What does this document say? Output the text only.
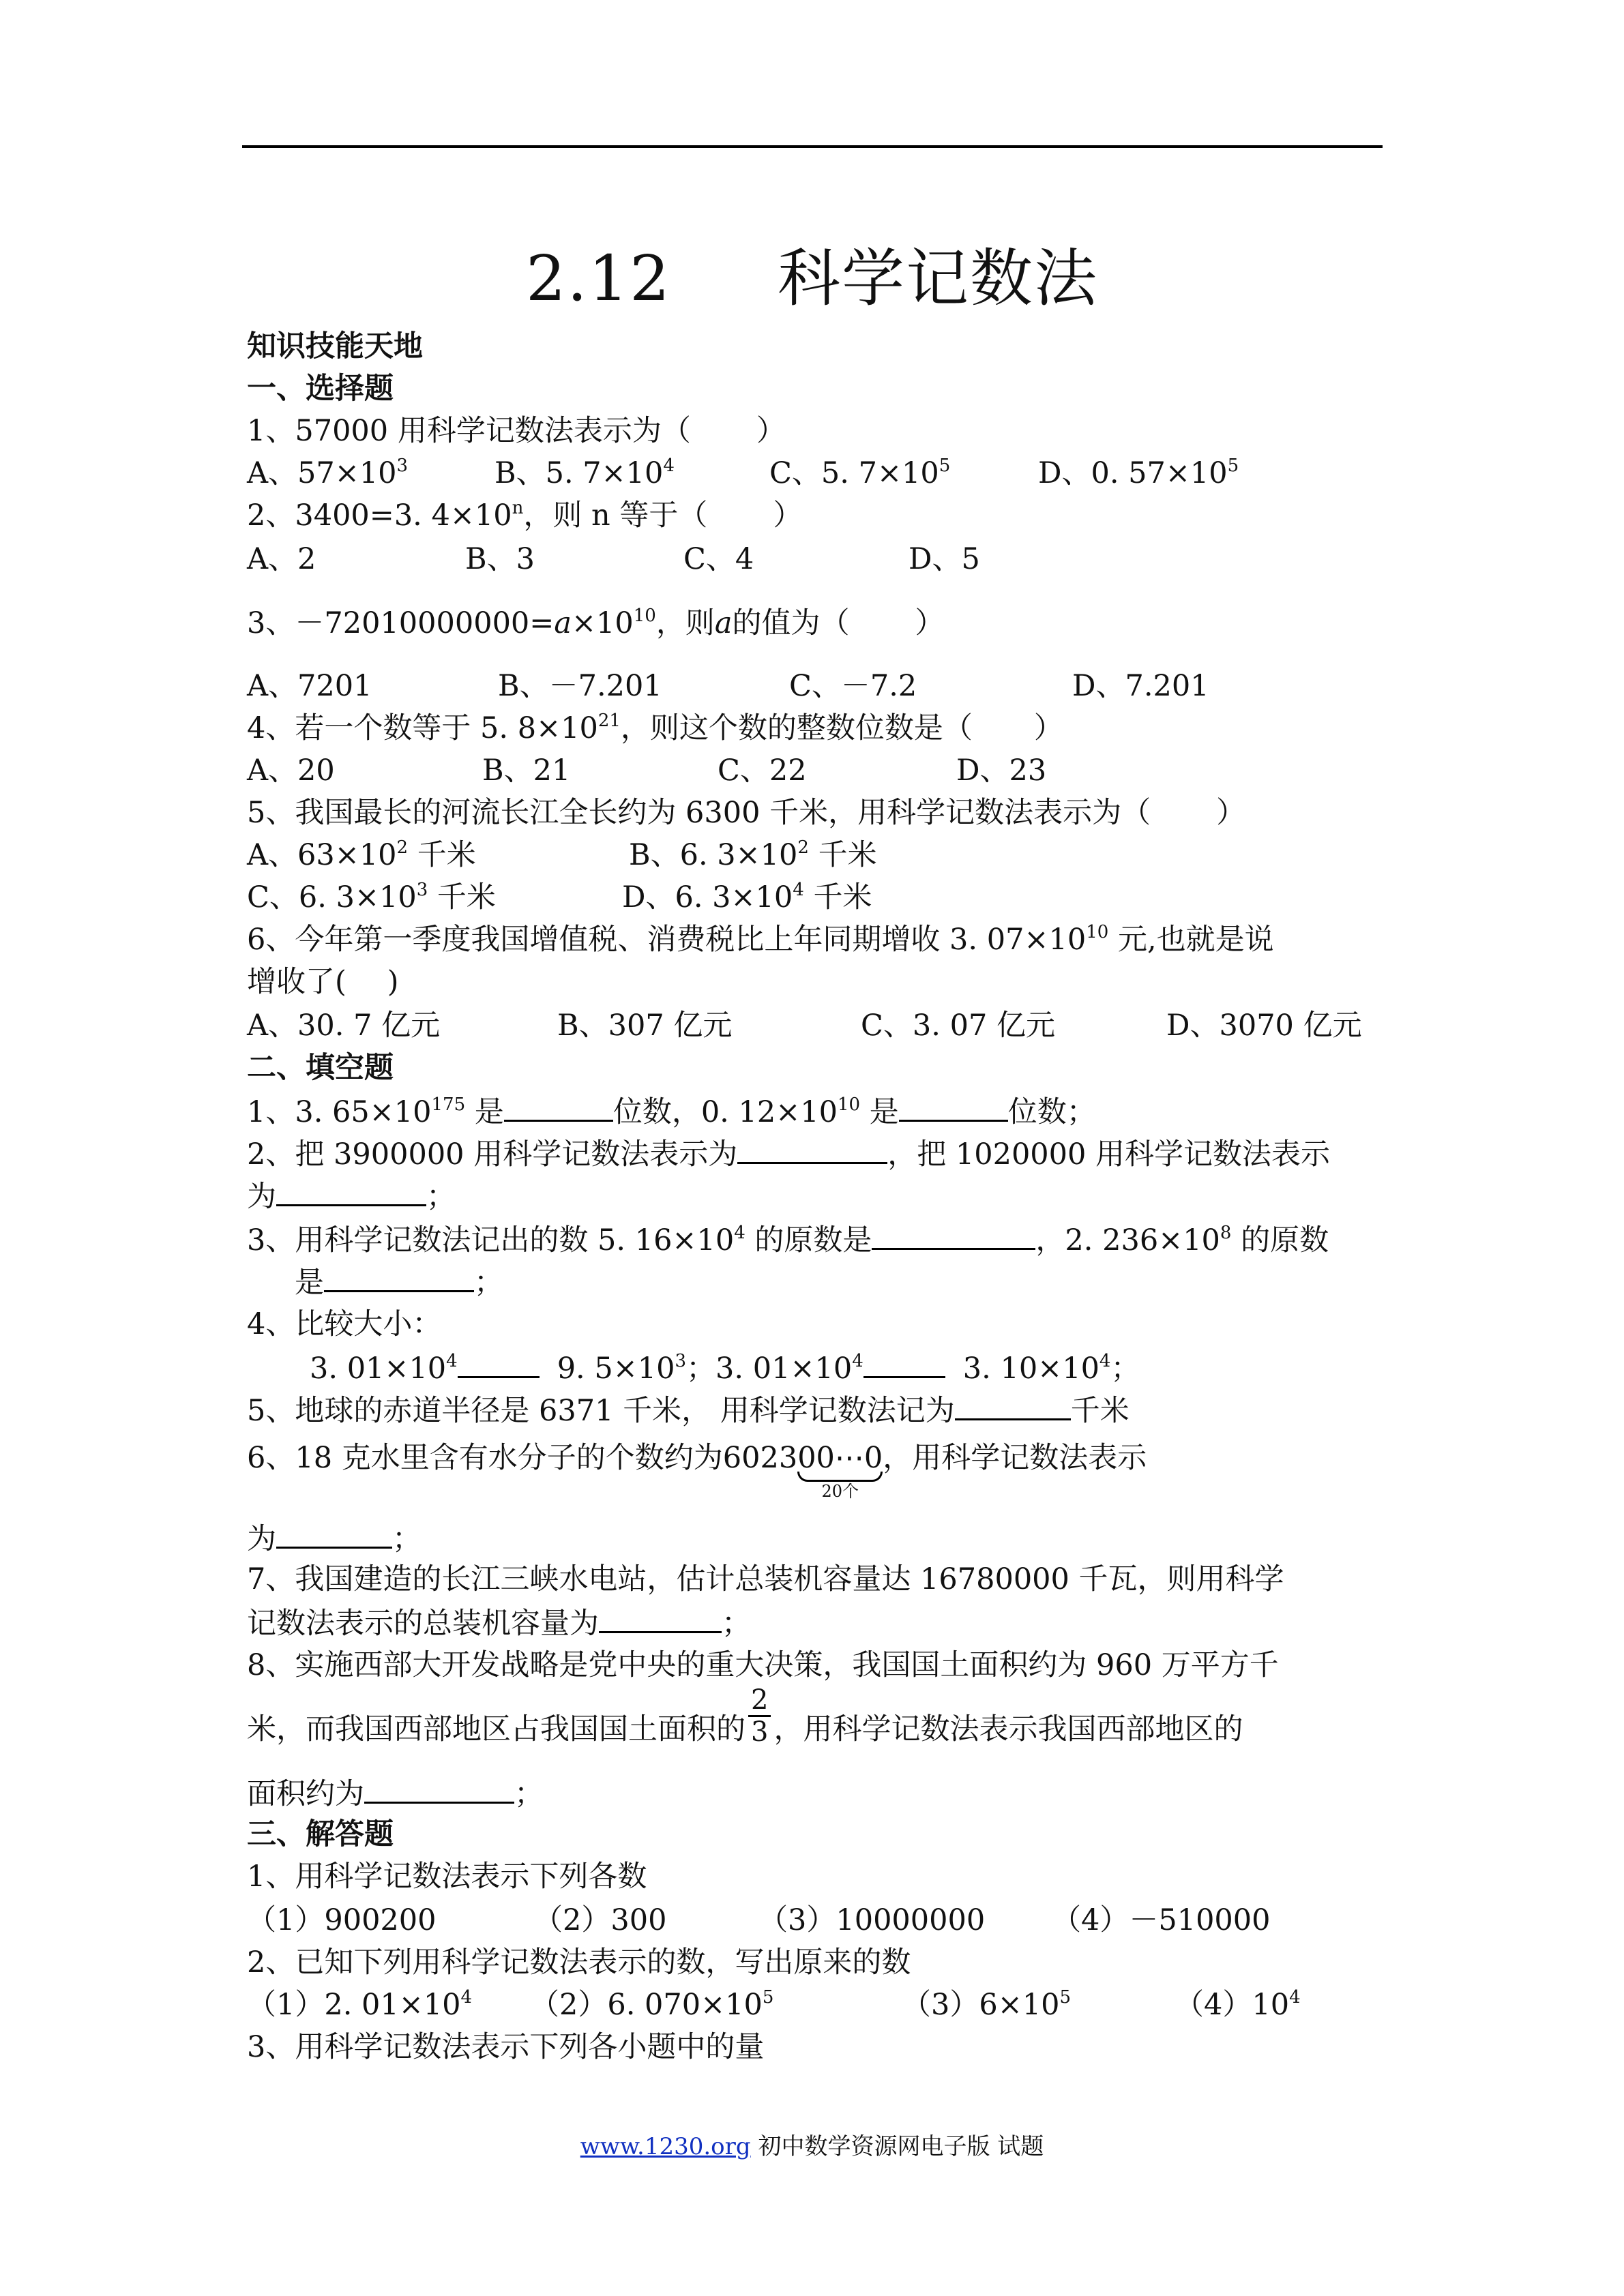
2.12     科学记数法
知识技能天地
一、选择题
1、57000 用科学记数法表示为（ ）
A、$57\times 10^3$	B、5. $7\times 10^4$	C、5. $7\times 10^5$	D、0. $57\times 10^5$
2、3400=3. $4\times 10^n$，则 n 等于（ ）
A、2	B、3	C、4	D、5
3、$-72010000000=a\times 10^{10}$，则a的值为（ ）
A、7201	B、－7.201	C、－7.2	D、7.201
4、若一个数等于 5. $8\times 10^{21}$，则这个数的整数位数是（ ）
A、20	B、21	C、22	D、23
5、我国最长的河流长江全长约为 6300 千米，用科学记数法表示为（ ）
A、$63\times 10^2$ 千米	B、6. $3\times 10^2$ 千米
C、6. $3\times 10^3$ 千米	D、6. $3\times 10^4$ 千米
6、今年第一季度我国增值税、消费税比上年同期增收 3. $07\times 10^{10}$ 元,也就是说
增收了( )
A、30. 7 亿元	B、307 亿元	C、3. 07 亿元	D、3070 亿元
二、填空题
1、3. $65\times 10^{175}$ 是	位数，0. $12\times 10^{10}$ 是	位数；
2、把 3900000 用科学记数法表示为	，把 1020000 用科学记数法表示
为	；
3、用科学记数法记出的数 5. $16\times 10^4$ 的原数是	，2. $236\times 10^8$ 的原数
是	；
4、比较大小：
3. $01\times 10^4$	9. $5\times 10^3$；3. $01\times 10^4$	3. $10\times 10^4$；
5、地球的赤道半径是 6371 千米， 用科学记数法记为	千米
6、18 克水里含有水分子的个数约为602300⋯0
20个
，用科学记数法表示
为	；
7、我国建造的长江三峡水电站，估计总装机容量达 16780000 千瓦，则用科学
记数法表示的总装机容量为	；
8、实施西部大开发战略是党中央的重大决策，我国国土面积约为 960 万平方千
米，而我国西部地区占我国国土面积的 $\frac{2}{3}$ ，用科学记数法表示我国西部地区的
面积约为	；
三、解答题
1、用科学记数法表示下列各数
（1）900200	（2）300	（3）10000000 （4）－510000
2、已知下列用科学记数法表示的数，写出原来的数
（1）2. $01\times 10^4$ （2）6. $070\times 10^5$	$(3)6\times 10^5$	$(4)10^4$
3、用科学记数法表示下列各小题中的量
www.1230.org 初中数学资源网电子版 试题
